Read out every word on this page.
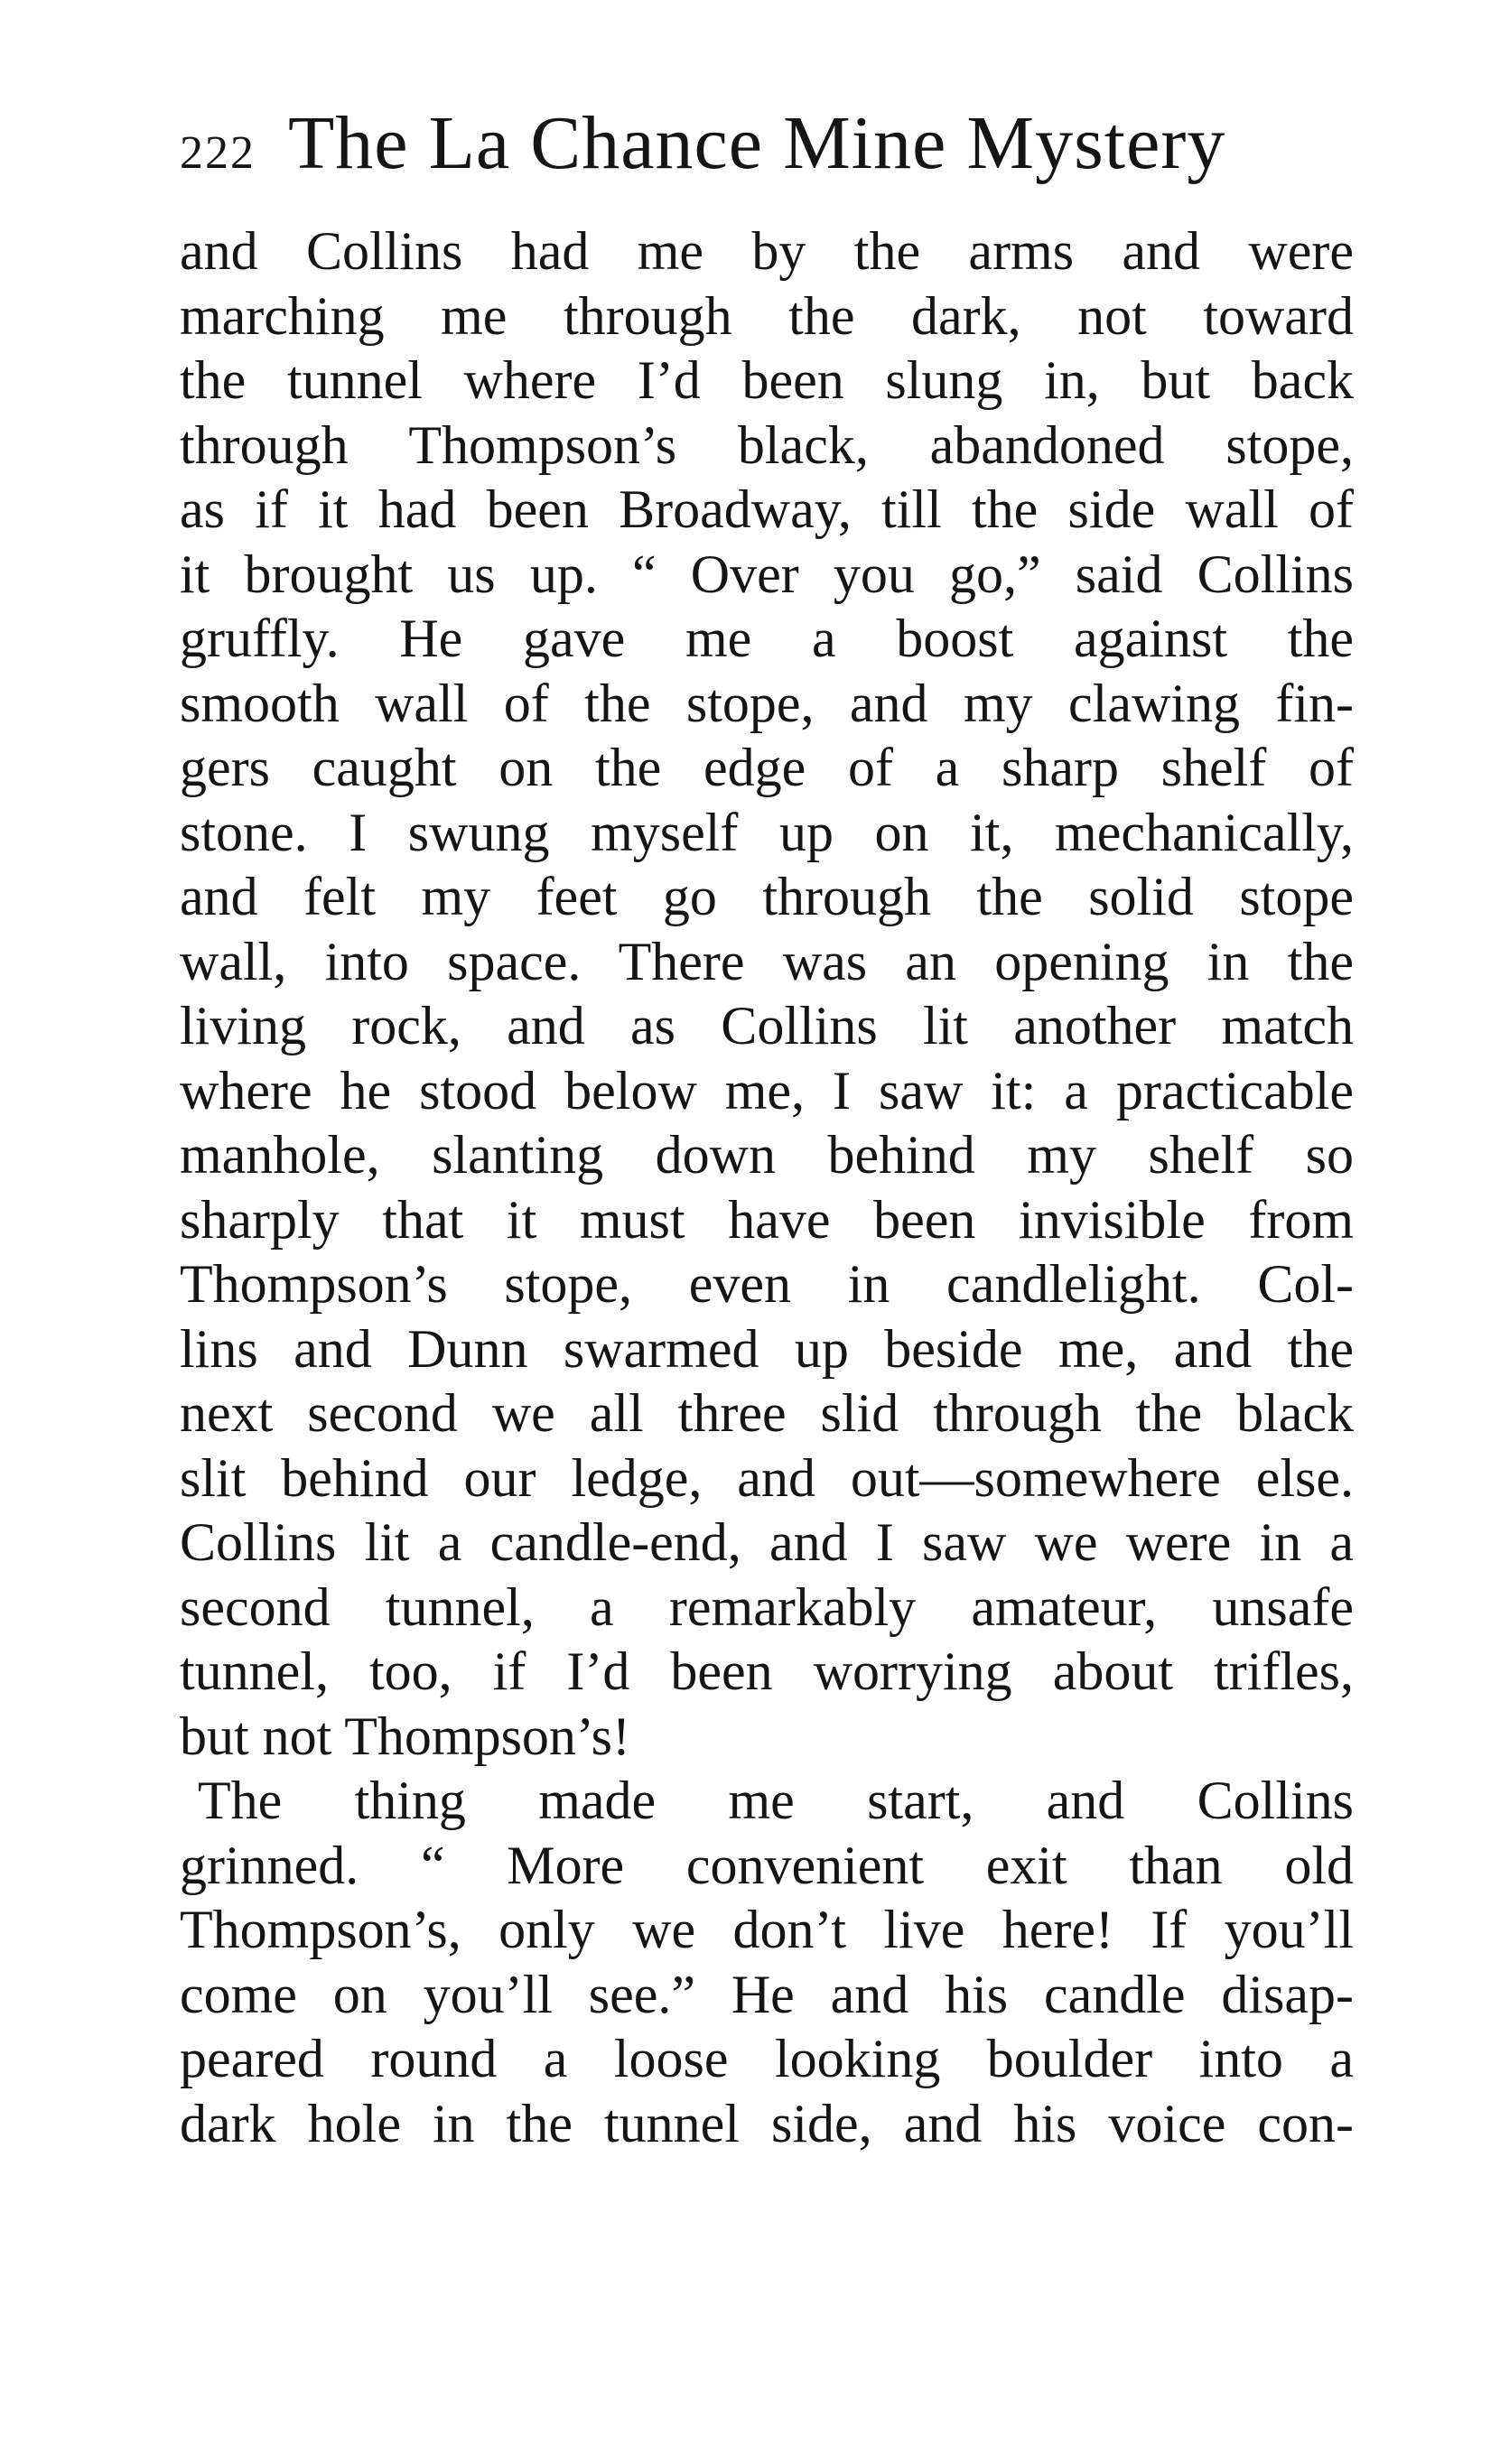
222 The La Chance Mine Mystery
and Collins had me by the arms and were
marching me through the dark, not toward
the tunnel where I’d been slung in, but back
through Thompson’s black, abandoned stope,
as if it had been Broadway, till the side wall of
it brought us up. “ Over you go,” said Collins
gruffly. He gave me a boost against the
smooth wall of the stope, and my clawing fin-
gers caught on the edge of a sharp shelf of
stone. I swung myself up on it, mechanically,
and felt my feet go through the solid stope
wall, into space. There was an opening in the
living rock, and as Collins lit another match
where he stood below me, I saw it: a practicable
manhole, slanting down behind my shelf so
sharply that it must have been invisible from
Thompson’s stope, even in candlelight. Col-
lins and Dunn swarmed up beside me, and the
next second we all three slid through the black
slit behind our ledge, and out—somewhere else.
Collins lit a candle-end, and I saw we were in a
second tunnel, a remarkably amateur, unsafe
tunnel, too, if I’d been worrying about trifles,
but not Thompson’s!
The thing made me start, and Collins
grinned. “ More convenient exit than old
Thompson’s, only we don’t live here! If you’ll
come on you’ll see.” He and his candle disap-
peared round a loose looking boulder into a
dark hole in the tunnel side, and his voice con-
